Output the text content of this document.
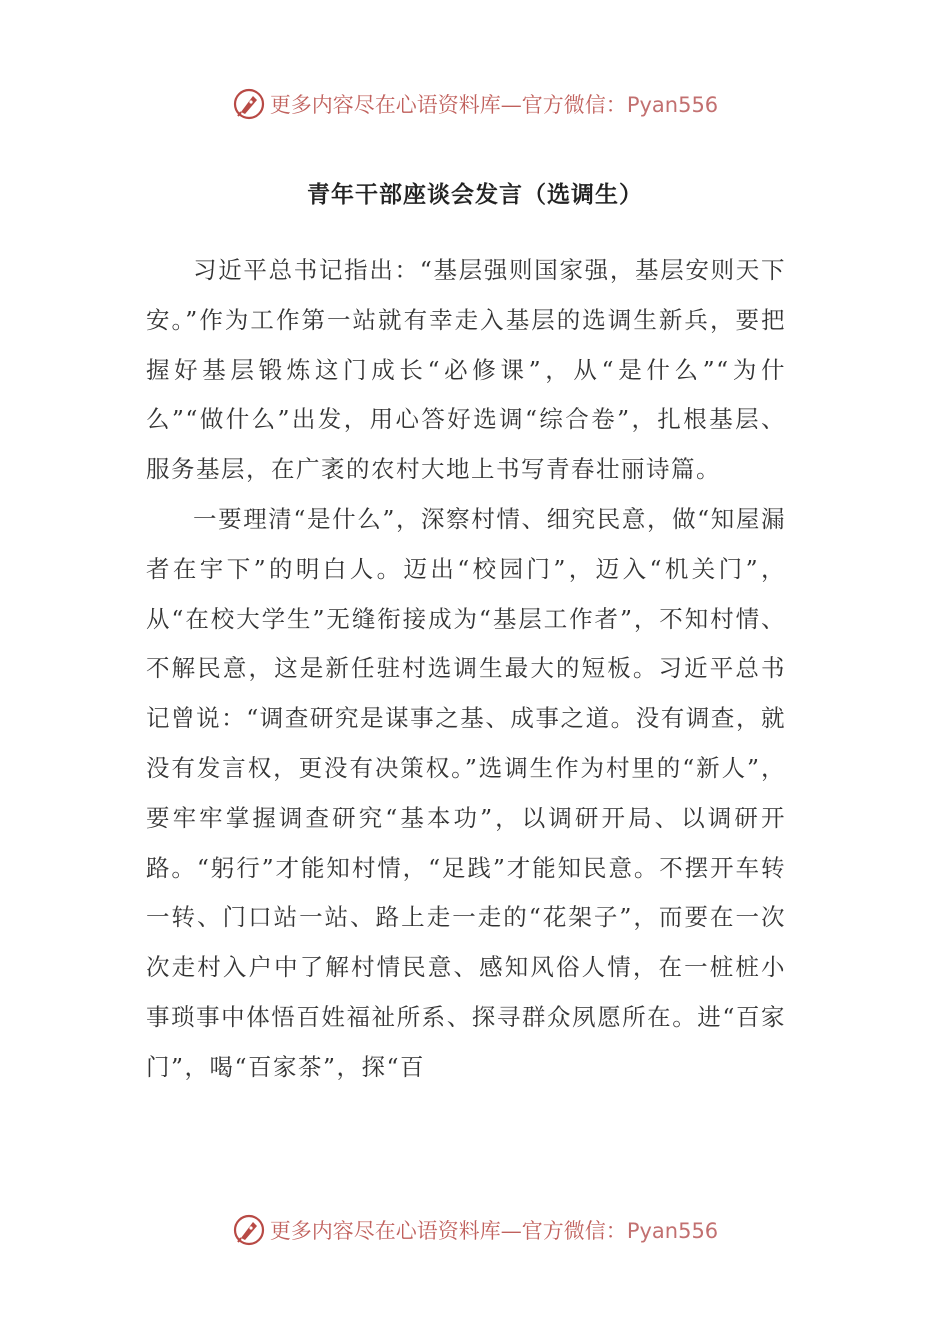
更多内容尽在心语资料库—官方微信：Pyan556
青年干部座谈会发言（选调生）

习近平总书记指出：“基层强则国家强，基层安则天下安。”作为工作第一站就有幸走入基层的选调生新兵，要把握好基层锻炼这门成长“必修课”，从“是什么”“为什么”“做什么”出发，用心答好选调“综合卷”，扎根基层、服务基层，在广袤的农村大地上书写青春壮丽诗篇。

一要理清“是什么”，深察村情、细究民意，做“知屋漏者在宇下”的明白人。迈出“校园门”，迈入“机关门”，从“在校大学生”无缝衔接成为“基层工作者”，不知村情、不解民意，这是新任驻村选调生最大的短板。习近平总书记曾说：“调查研究是谋事之基、成事之道。没有调查，就没有发言权，更没有决策权。”选调生作为村里的“新人”，要牢牢掌握调查研究“基本功”，以调研开局、以调研开路。“躬行”才能知村情，“足践”才能知民意。不摆开车转一转、门口站一站、路上走一走的“花架子”，而要在一次次走村入户中了解村情民意、感知风俗人情，在一桩桩小事琐事中体悟百姓福祉所系、探寻群众夙愿所在。进“百家门”，喝“百家茶”，探“百

更多内容尽在心语资料库—官方微信：Pyan556
